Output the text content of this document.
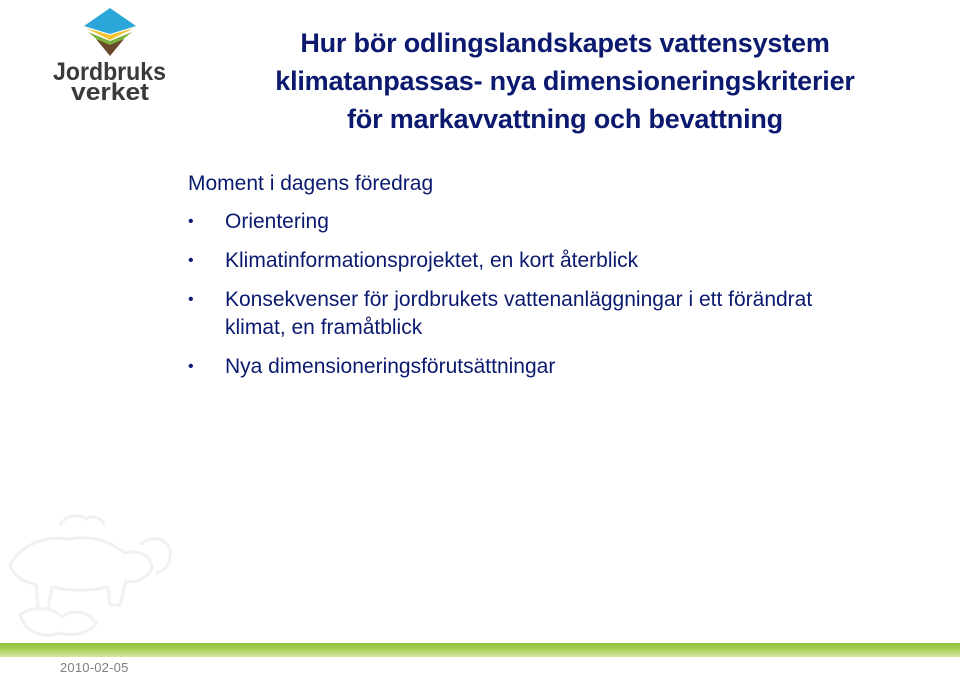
Jordbruks
verket
Hur bör odlingslandskapets vattensystem
klimatanpassas- nya dimensioneringskriterier
för markavvattning och bevattning
Moment i dagens föredrag
• Orientering
• Klimatinformationsprojektet, en kort återblick
• Konsekvenser för jordbrukets vattenanläggningar i ett förändrat klimat, en framåtblick
• Nya dimensioneringsförutsättningar
2010-02-05
